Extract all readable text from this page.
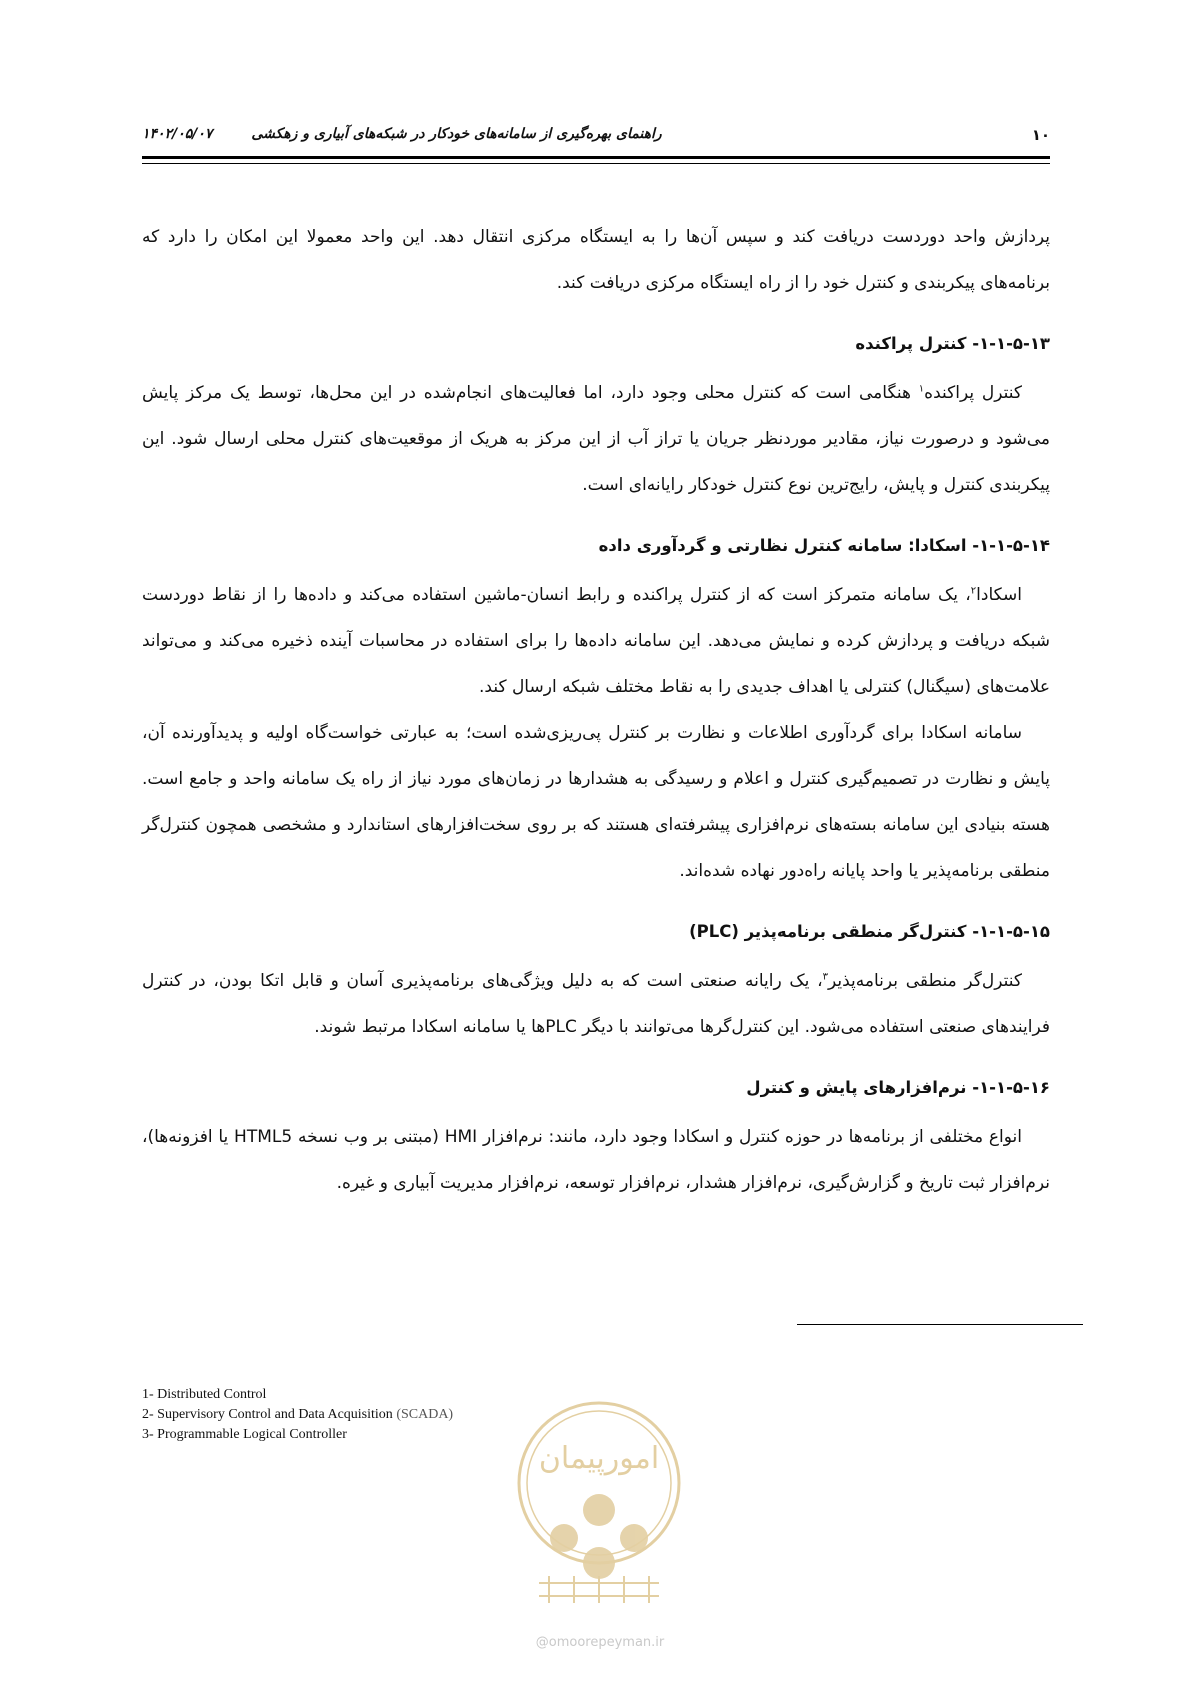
۱۰
راهنمای بهره‌گیری از سامانه‌های خودکار در شبکه‌های آبیاری و زهکشی        ۱۴۰۲/۰۵/۰۷

پردازش واحد دوردست دریافت کند و سپس آن‌ها را به ایستگاه مرکزی انتقال دهد. این واحد معمولا این امکان را دارد که برنامه‌های پیکربندی و کنترل خود را از راه ایستگاه مرکزی دریافت کند.

۱-۱-۵-۱۳- کنترل پراکنده

کنترل پراکنده$^۱$ هنگامی است که کنترل محلی وجود دارد، اما فعالیت‌های انجام‌شده در این محل‌ها، توسط یک مرکز پایش می‌شود و درصورت نیاز، مقادیر موردنظر جریان یا تراز آب از این مرکز به هریک از موقعیت‌های کنترل محلی ارسال شود. این پیکربندی کنترل و پایش، رایج‌ترین نوع کنترل خودکار رایانه‌ای است.

۱-۱-۵-۱۴- اسکادا: سامانه کنترل نظارتی و گردآوری داده

اسکادا$^۲$، یک سامانه متمرکز است که از کنترل پراکنده و رابط انسان-ماشین استفاده می‌کند و داده‌ها را از نقاط دوردست شبکه دریافت و پردازش کرده و نمایش می‌دهد. این سامانه داده‌ها را برای استفاده در محاسبات آینده ذخیره می‌کند و می‌تواند علامت‌های (سیگنال) کنترلی یا اهداف جدیدی را به نقاط مختلف شبکه ارسال کند.

سامانه اسکادا برای گردآوری اطلاعات و نظارت بر کنترل پی‌ریزی‌شده است؛ به عبارتی خواست‌گاه اولیه و پدیدآورنده آن، پایش و نظارت در تصمیم‌گیری کنترل و اعلام و رسیدگی به هشدارها در زمان‌های مورد نیاز از راه یک سامانه واحد و جامع است. هسته بنیادی این سامانه بسته‌های نرم‌افزاری پیشرفته‌ای هستند که بر روی سخت‌افزارهای استاندارد و مشخصی همچون کنترل‌گر منطقی برنامه‌پذیر یا واحد پایانه راه‌دور نهاده شده‌اند.

۱-۱-۵-۱۵- کنترل‌گر منطقی برنامه‌پذیر (PLC)

کنترل‌گر منطقی برنامه‌پذیر$^۳$، یک رایانه صنعتی است که به دلیل ویژگی‌های برنامه‌پذیری آسان و قابل اتکا بودن، در کنترل فرایندهای صنعتی استفاده می‌شود. این کنترل‌گرها می‌توانند با دیگر PLCها یا سامانه اسکادا مرتبط شوند.

۱-۱-۵-۱۶- نرم‌افزارهای پایش و کنترل

انواع مختلفی از برنامه‌ها در حوزه کنترل و اسکادا وجود دارد، مانند: نرم‌افزار HMI (مبتنی بر وب نسخه HTML5 یا افزونه‌ها)، نرم‌افزار ثبت تاریخ و گزارش‌گیری، نرم‌افزار هشدار، نرم‌افزار توسعه، نرم‌افزار مدیریت آبیاری و غیره.

1- Distributed Control
2- Supervisory Control and Data Acquisition (SCADA)
3- Programmable Logical Controller
امورپیمان
@omoorepeyman.ir
